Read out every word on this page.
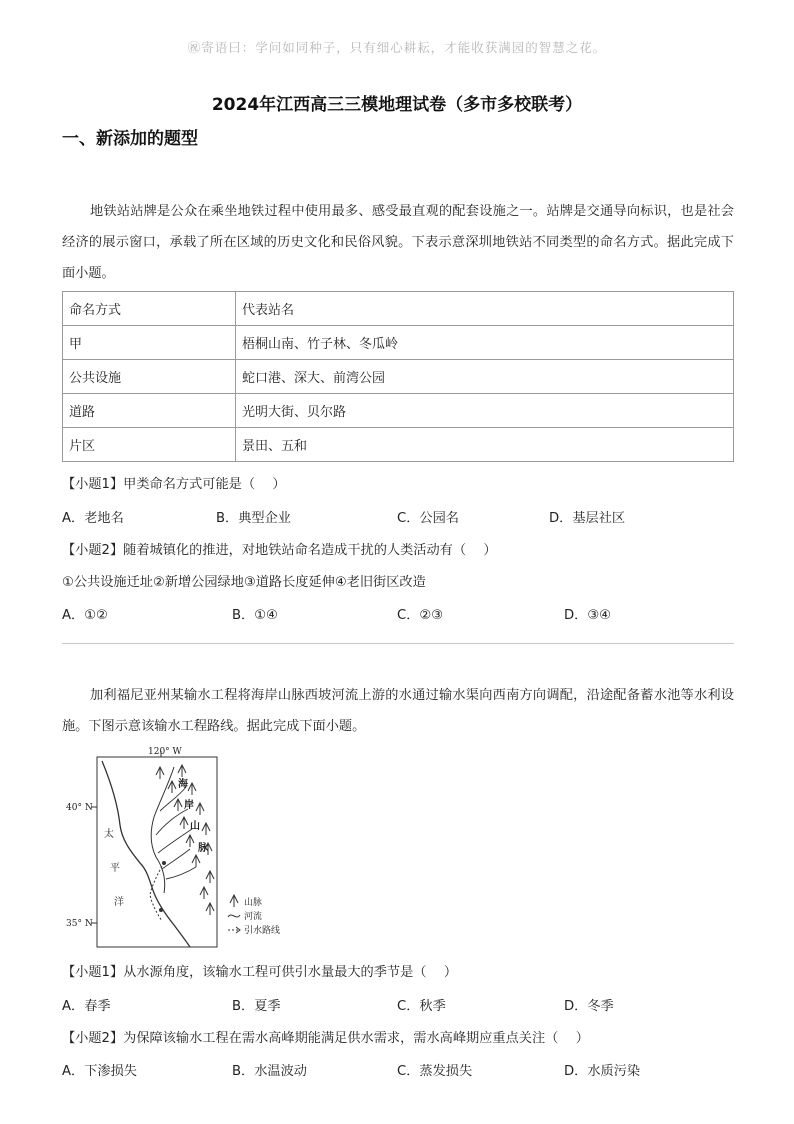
㊗寄语曰：学问如同种子，只有细心耕耘，才能收获满园的智慧之花。
2024年江西高三三模地理试卷（多市多校联考）
一、新添加的题型
地铁站站牌是公众在乘坐地铁过程中使用最多、感受最直观的配套设施之一。站牌是交通导向标识，也是社会经济的展示窗口，承载了所在区域的历史文化和民俗风貌。下表示意深圳地铁站不同类型的命名方式。据此完成下面小题。
命名方式	代表站名
甲	梧桐山南、竹子林、冬瓜岭
公共设施	蛇口港、深大、前湾公园
道路	光明大街、贝尔路
片区	景田、五和
【小题1】甲类命名方式可能是（　 ）
A．老地名	B．典型企业	C．公园名	D．基层社区
【小题2】随着城镇化的推进，对地铁站命名造成干扰的人类活动有（　 ）
①公共设施迁址②新增公园绿地③道路长度延伸④老旧街区改造
A．①②	B．①④	C．②③	D．③④
加利福尼亚州某输水工程将海岸山脉西坡河流上游的水通过输水渠向西南方向调配，沿途配备蓄水池等水利设施。下图示意该输水工程路线。据此完成下面小题。
120° W
40° N
35° N
海
岸
山
脉
太
平
洋	山脉
河流
引水路线
【小题1】从水源角度，该输水工程可供引水量最大的季节是（　 ）
A．春季	B．夏季	C．秋季	D．冬季
【小题2】为保障该输水工程在需水高峰期能满足供水需求，需水高峰期应重点关注（　 ）
A．下渗损失	B．水温波动	C．蒸发损失	D．水质污染
